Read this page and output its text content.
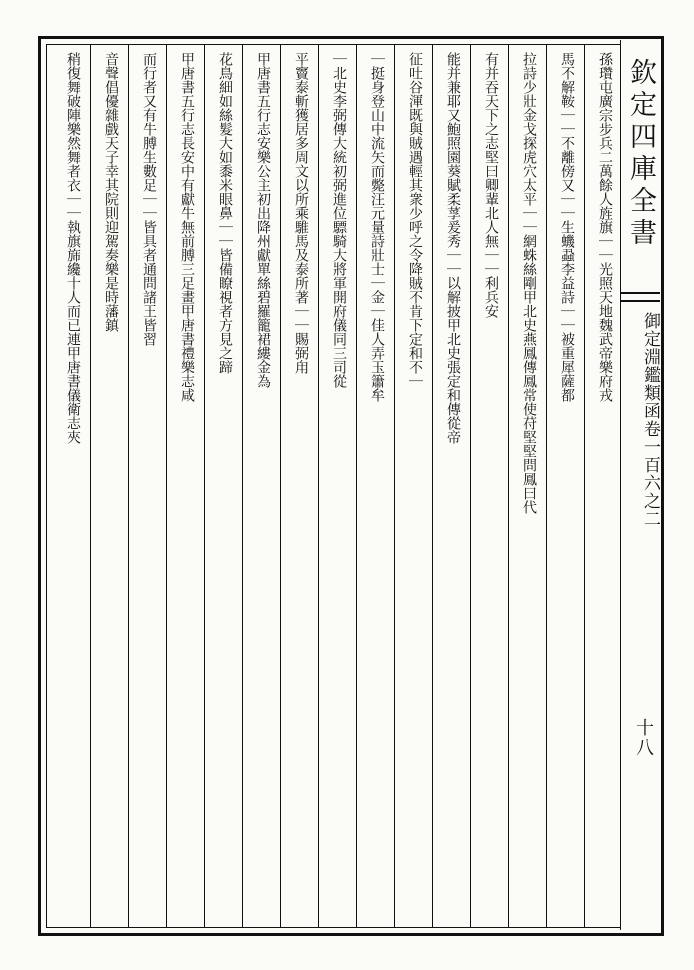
欽定四庫全書
御定淵鑑類函卷一百六之二
十八
孫瓚屯廣宗步兵二萬餘人旌旗｜｜光照天地魏武帝樂府戎
馬不解鞍｜｜不離傍又｜｜生蟣蝨李益詩｜｜被重犀薩都
拉詩少壯金戈探虎穴太平｜｜網蛛絲剛甲北史燕鳳傳鳳常使苻堅堅問鳳曰代
有并吞天下之志堅曰卿輩北人無｜｜利兵安
能并兼耶又鮑照園葵賦柔莩爰秀｜｜以解披甲北史張定和傳從帝
征吐谷渾既與賊遇輕其衆少呼之令降賊不肯下定和不｜
｜挺身登山中流矢而斃汪元量詩壯士｜金｜佳人弄玉簫牟
｜北史李弼傳大統初弼進位驃騎大將軍開府儀同三司從
平竇泰斬獲居多周文以所乘騅馬及泰所著｜｜賜弼甪
甲唐書五行志安樂公主初出降州獻單絲碧羅籠裙縷金為
花鳥細如絲髮大如黍米眼鼻｜｜皆備瞭視者方見之蹄
甲唐書五行志長安中有獻牛無前膊三足畫甲唐書禮樂志咸
而行者又有牛膊生數足｜｜皆具者通問諸王皆習
音聲倡優雜戲天子幸其院則迎駕奏樂是時藩鎮
稍復舞破陣樂然舞者衣｜｜執旗旆纔十人而已連甲唐書儀衛志夾
